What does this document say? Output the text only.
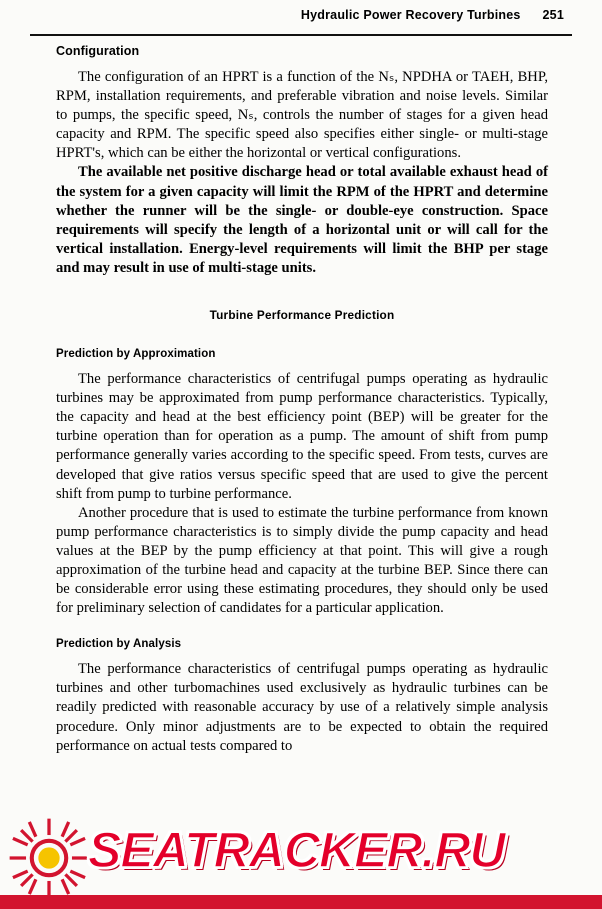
Hydraulic Power Recovery Turbines 251
Configuration

The configuration of an HPRT is a function of the Nₛ, NPDHA or TAEH, BHP, RPM, installation requirements, and preferable vibration and noise levels. Similar to pumps, the specific speed, Nₛ, controls the number of stages for a given head capacity and RPM. The specific speed also specifies either single- or multi-stage HPRT's, which can be either the horizontal or vertical configurations.

The available net positive discharge head or total available exhaust head of the system for a given capacity will limit the RPM of the HPRT and determine whether the runner will be the single- or double-eye construction. Space requirements will specify the length of a horizontal unit or will call for the vertical installation. Energy-level requirements will limit the BHP per stage and may result in use of multi-stage units.

Turbine Performance Prediction
Prediction by Approximation

The performance characteristics of centrifugal pumps operating as hydraulic turbines may be approximated from pump performance characteristics. Typically, the capacity and head at the best efficiency point (BEP) will be greater for the turbine operation than for operation as a pump. The amount of shift from pump performance generally varies according to the specific speed. From tests, curves are developed that give ratios versus specific speed that are used to give the percent shift from pump to turbine performance.

Another procedure that is used to estimate the turbine performance from known pump performance characteristics is to simply divide the pump capacity and head values at the BEP by the pump efficiency at that point. This will give a rough approximation of the turbine head and capacity at the turbine BEP. Since there can be considerable error using these estimating procedures, they should only be used for preliminary selection of candidates for a particular application.

Prediction by Analysis

The performance characteristics of centrifugal pumps operating as hydraulic turbines and other turbomachines used exclusively as hydraulic turbines can be readily predicted with reasonable accuracy by use of a relatively simple analysis procedure. Only minor adjustments are to be expected to obtain the required performance on actual tests compared to

SEATRACKER.RU
